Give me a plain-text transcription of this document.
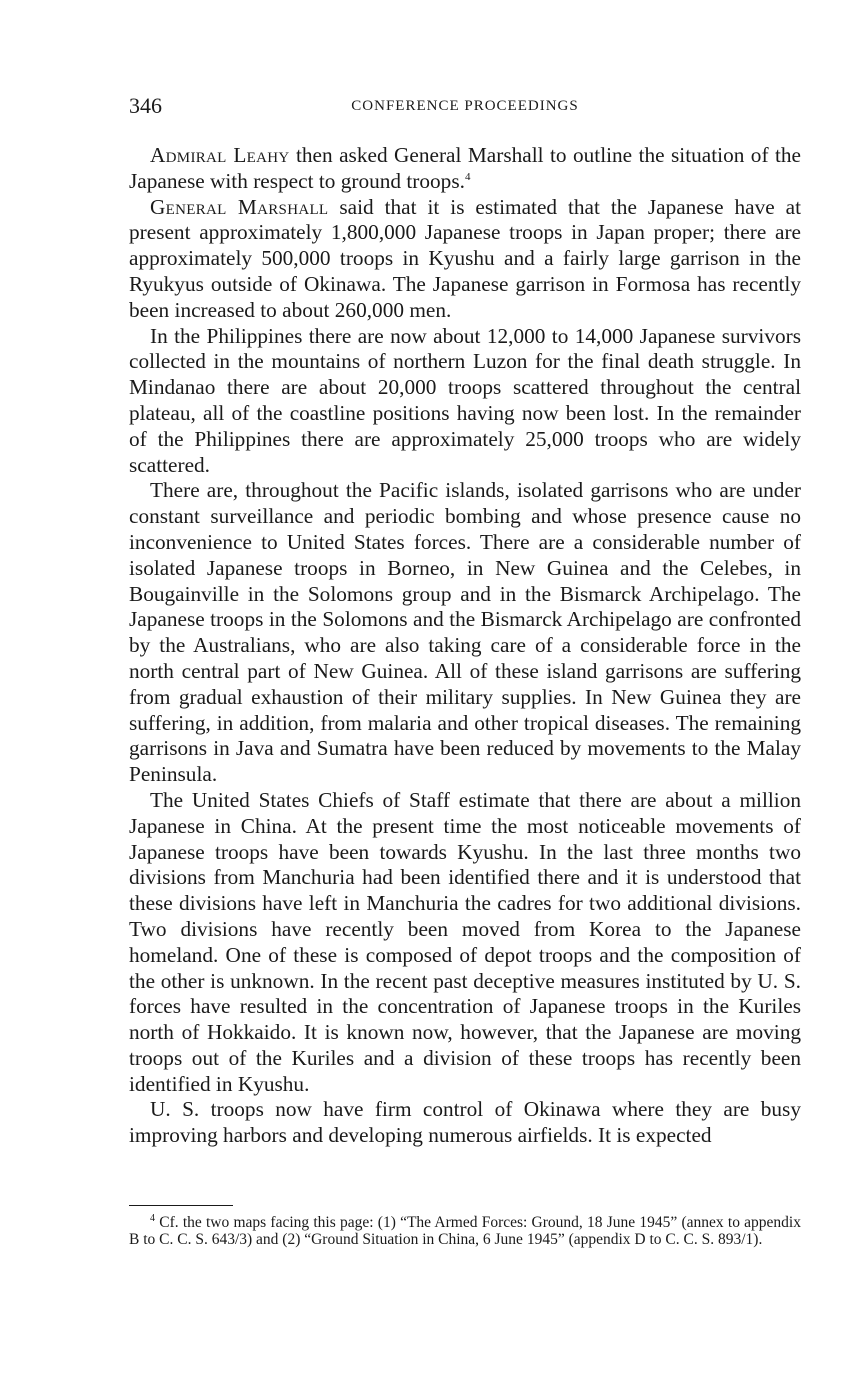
346	CONFERENCE PROCEEDINGS

Admiral Leahy then asked General Marshall to outline the situation of the Japanese with respect to ground troops.$^4$

General Marshall said that it is estimated that the Japanese have at present approximately 1,800,000 Japanese troops in Japan proper; there are approximately 500,000 troops in Kyushu and a fairly large garrison in the Ryukyus outside of Okinawa. The Japanese garrison in Formosa has recently been increased to about 260,000 men.

In the Philippines there are now about 12,000 to 14,000 Japanese survivors collected in the mountains of northern Luzon for the final death struggle. In Mindanao there are about 20,000 troops scattered throughout the central plateau, all of the coastline positions having now been lost. In the remainder of the Philippines there are approximately 25,000 troops who are widely scattered.

There are, throughout the Pacific islands, isolated garrisons who are under constant surveillance and periodic bombing and whose presence cause no inconvenience to United States forces. There are a considerable number of isolated Japanese troops in Borneo, in New Guinea and the Celebes, in Bougainville in the Solomons group and in the Bismarck Archipelago. The Japanese troops in the Solomons and the Bismarck Archipelago are confronted by the Australians, who are also taking care of a considerable force in the north central part of New Guinea. All of these island garrisons are suffering from gradual exhaustion of their military supplies. In New Guinea they are suffering, in addition, from malaria and other tropical diseases. The remaining garrisons in Java and Sumatra have been reduced by movements to the Malay Peninsula.

The United States Chiefs of Staff estimate that there are about a million Japanese in China. At the present time the most noticeable movements of Japanese troops have been towards Kyushu. In the last three months two divisions from Manchuria had been identified there and it is understood that these divisions have left in Manchuria the cadres for two additional divisions. Two divisions have recently been moved from Korea to the Japanese homeland. One of these is composed of depot troops and the composition of the other is unknown. In the recent past deceptive measures instituted by U. S. forces have resulted in the concentration of Japanese troops in the Kuriles north of Hokkaido. It is known now, however, that the Japanese are moving troops out of the Kuriles and a division of these troops has recently been identified in Kyushu.

U. S. troops now have firm control of Okinawa where they are busy improving harbors and developing numerous airfields. It is expected

$^4$ Cf. the two maps facing this page: (1) “The Armed Forces: Ground, 18 June 1945” (annex to appendix B to C. C. S. 643/3) and (2) “Ground Situation in China, 6 June 1945” (appendix D to C. C. S. 893/1).
